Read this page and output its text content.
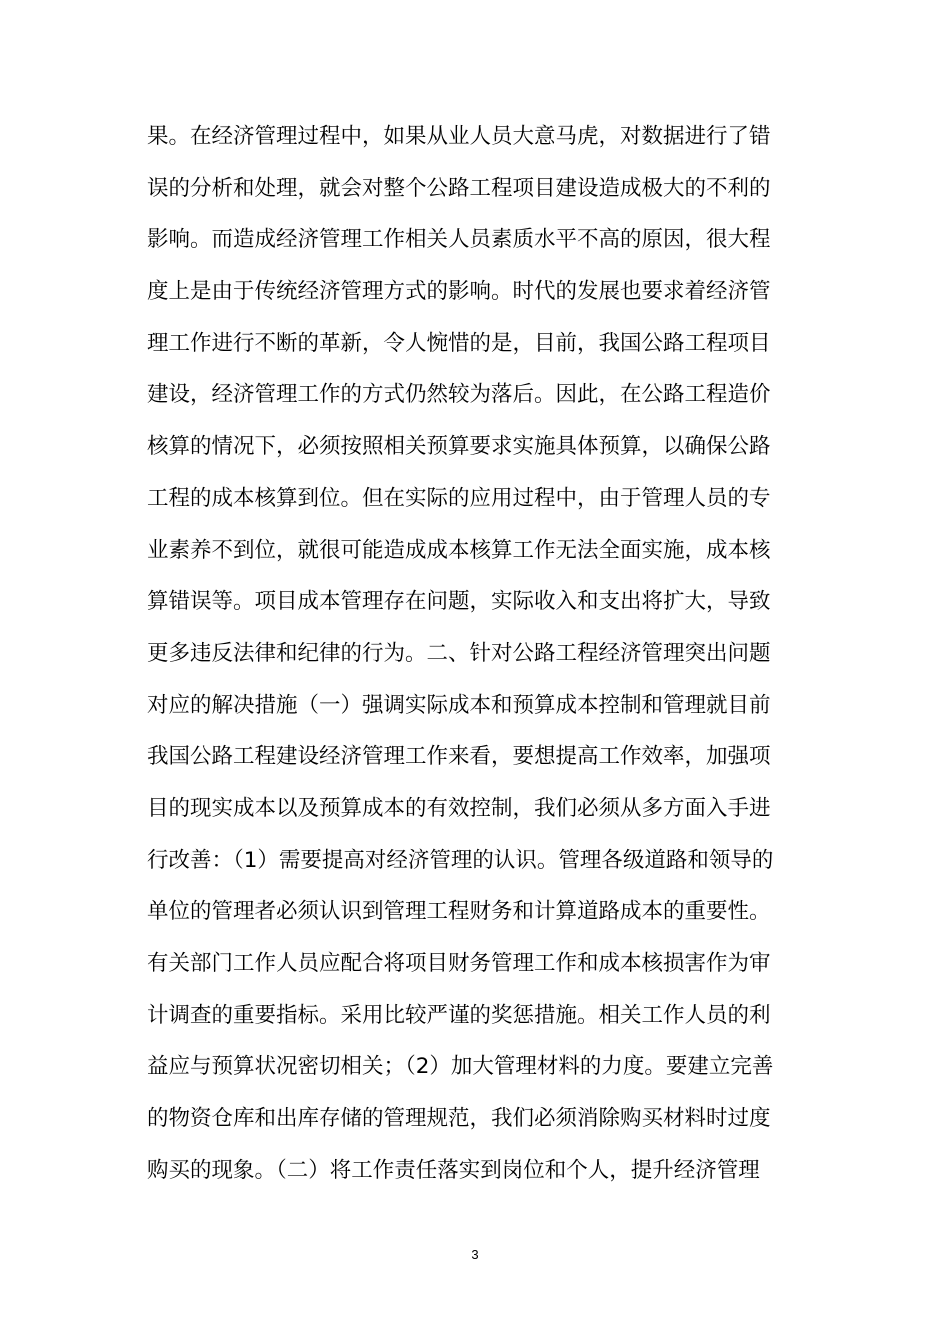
果。在经济管理过程中，如果从业人员大意马虎，对数据进行了错
误的分析和处理，就会对整个公路工程项目建设造成极大的不利的
影响。而造成经济管理工作相关人员素质水平不高的原因，很大程
度上是由于传统经济管理方式的影响。时代的发展也要求着经济管
理工作进行不断的革新，令人惋惜的是，目前，我国公路工程项目
建设，经济管理工作的方式仍然较为落后。因此，在公路工程造价
核算的情况下，必须按照相关预算要求实施具体预算，以确保公路
工程的成本核算到位。但在实际的应用过程中，由于管理人员的专
业素养不到位，就很可能造成成本核算工作无法全面实施，成本核
算错误等。项目成本管理存在问题，实际收入和支出将扩大，导致
更多违反法律和纪律的行为。二、针对公路工程经济管理突出问题
对应的解决措施（一）强调实际成本和预算成本控制和管理就目前
我国公路工程建设经济管理工作来看，要想提高工作效率，加强项
目的现实成本以及预算成本的有效控制，我们必须从多方面入手进
行改善：（1）需要提高对经济管理的认识。管理各级道路和领导的
单位的管理者必须认识到管理工程财务和计算道路成本的重要性。
有关部门工作人员应配合将项目财务管理工作和成本核损害作为审
计调查的重要指标。采用比较严谨的奖惩措施。相关工作人员的利
益应与预算状况密切相关；（2）加大管理材料的力度。要建立完善
的物资仓库和出库存储的管理规范，我们必须消除购买材料时过度
购买的现象。（二）将工作责任落实到岗位和个人，提升经济管理
3
